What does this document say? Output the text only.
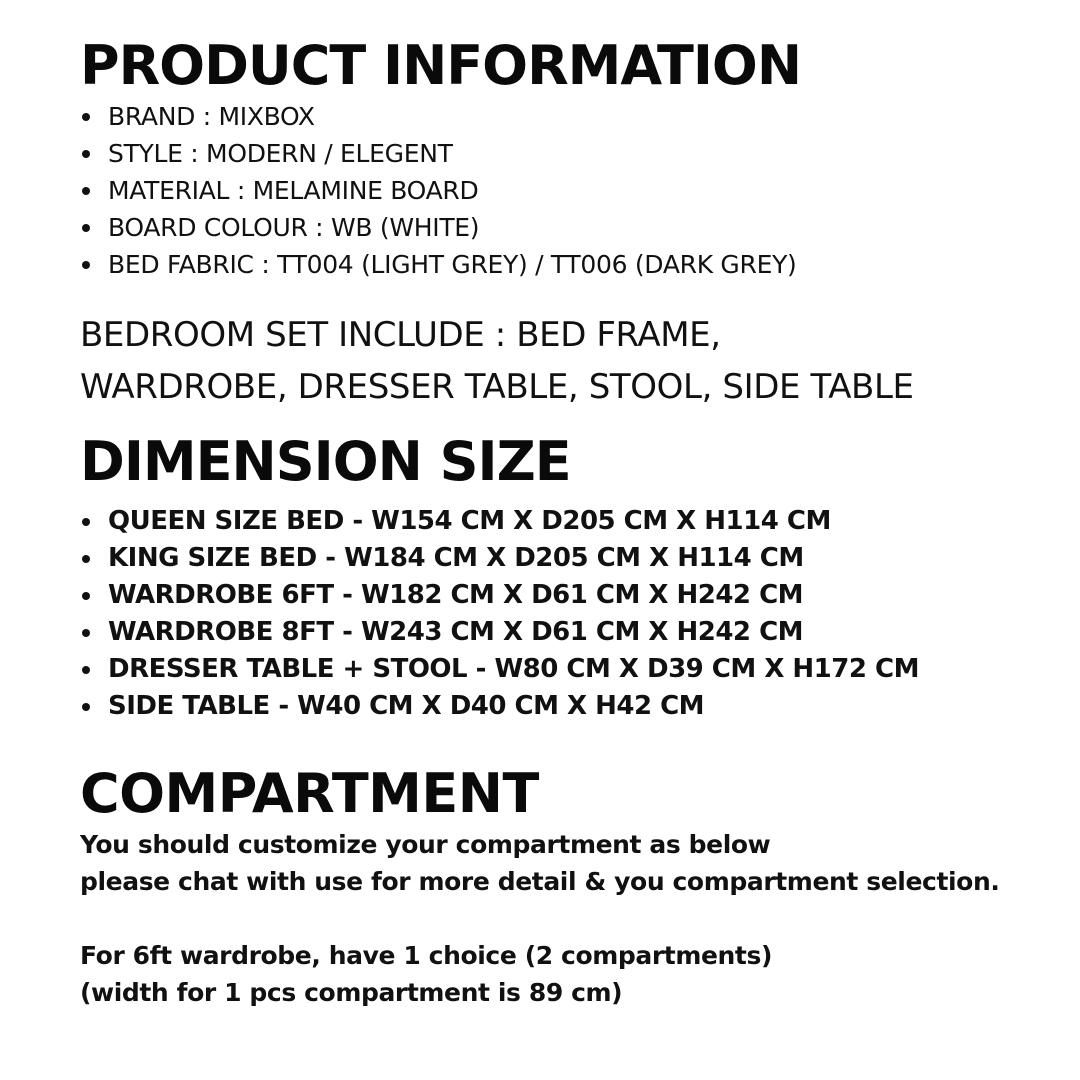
PRODUCT INFORMATION
BRAND : MIXBOX
STYLE : MODERN / ELEGENT
MATERIAL : MELAMINE BOARD
BOARD COLOUR : WB (WHITE)
BED FABRIC : TT004 (LIGHT GREY) / TT006 (DARK GREY)
BEDROOM SET INCLUDE : BED FRAME,
WARDROBE, DRESSER TABLE, STOOL, SIDE TABLE
DIMENSION SIZE
QUEEN SIZE BED - W154 CM X D205 CM X H114 CM
KING SIZE BED - W184 CM X D205 CM X H114 CM
WARDROBE 6FT - W182 CM X D61 CM X H242 CM
WARDROBE 8FT - W243 CM X D61 CM X H242 CM
DRESSER TABLE + STOOL - W80 CM X D39 CM X H172 CM
SIDE TABLE - W40 CM X D40 CM X H42 CM
COMPARTMENT
You should customize your compartment as below
please chat with use for more detail & you compartment selection.
For 6ft wardrobe, have 1 choice (2 compartments)
(width for 1 pcs compartment is 89 cm)
